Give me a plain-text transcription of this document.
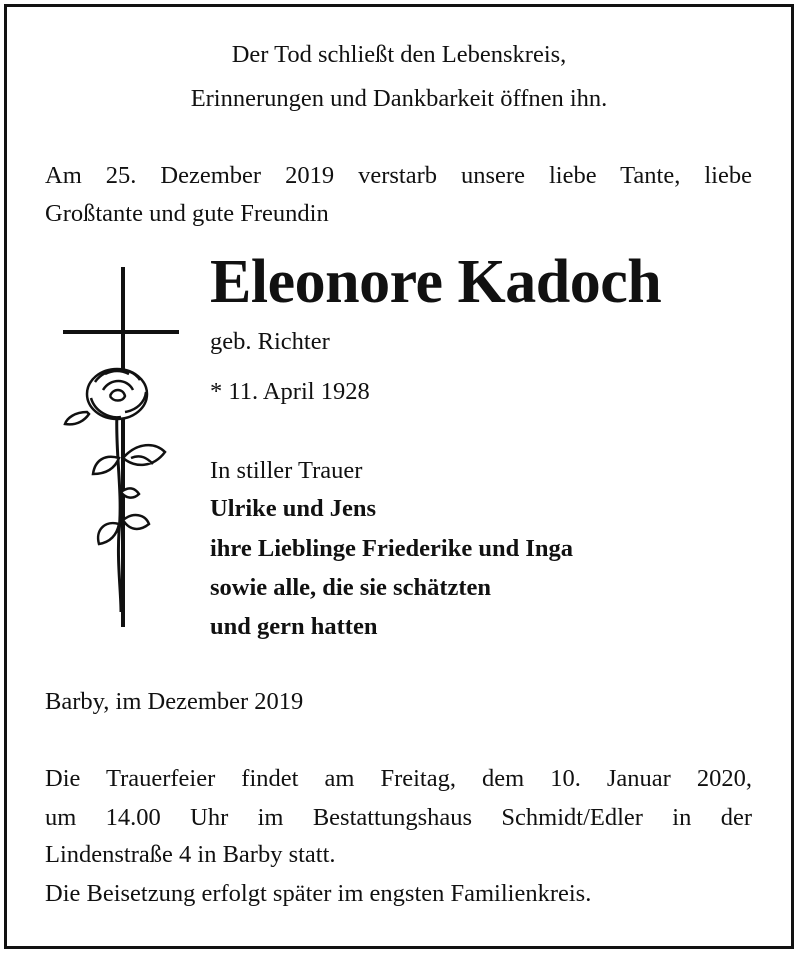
Der Tod schließt den Lebenskreis,
Erinnerungen und Dankbarkeit öffnen ihn.
Am 25. Dezember 2019 verstarb unsere liebe Tante, liebe
Großtante und gute Freundin
Eleonore Kadoch
geb. Richter
* 11. April 1928
In stiller Trauer
Ulrike und Jens
ihre Lieblinge Friederike und Inga
sowie alle, die sie schätzten
und gern hatten
Barby, im Dezember 2019
Die Trauerfeier findet am Freitag, dem 10. Januar 2020,
um 14.00 Uhr im Bestattungshaus Schmidt/Edler in der
Lindenstraße 4 in Barby statt.
Die Beisetzung erfolgt später im engsten Familienkreis.
